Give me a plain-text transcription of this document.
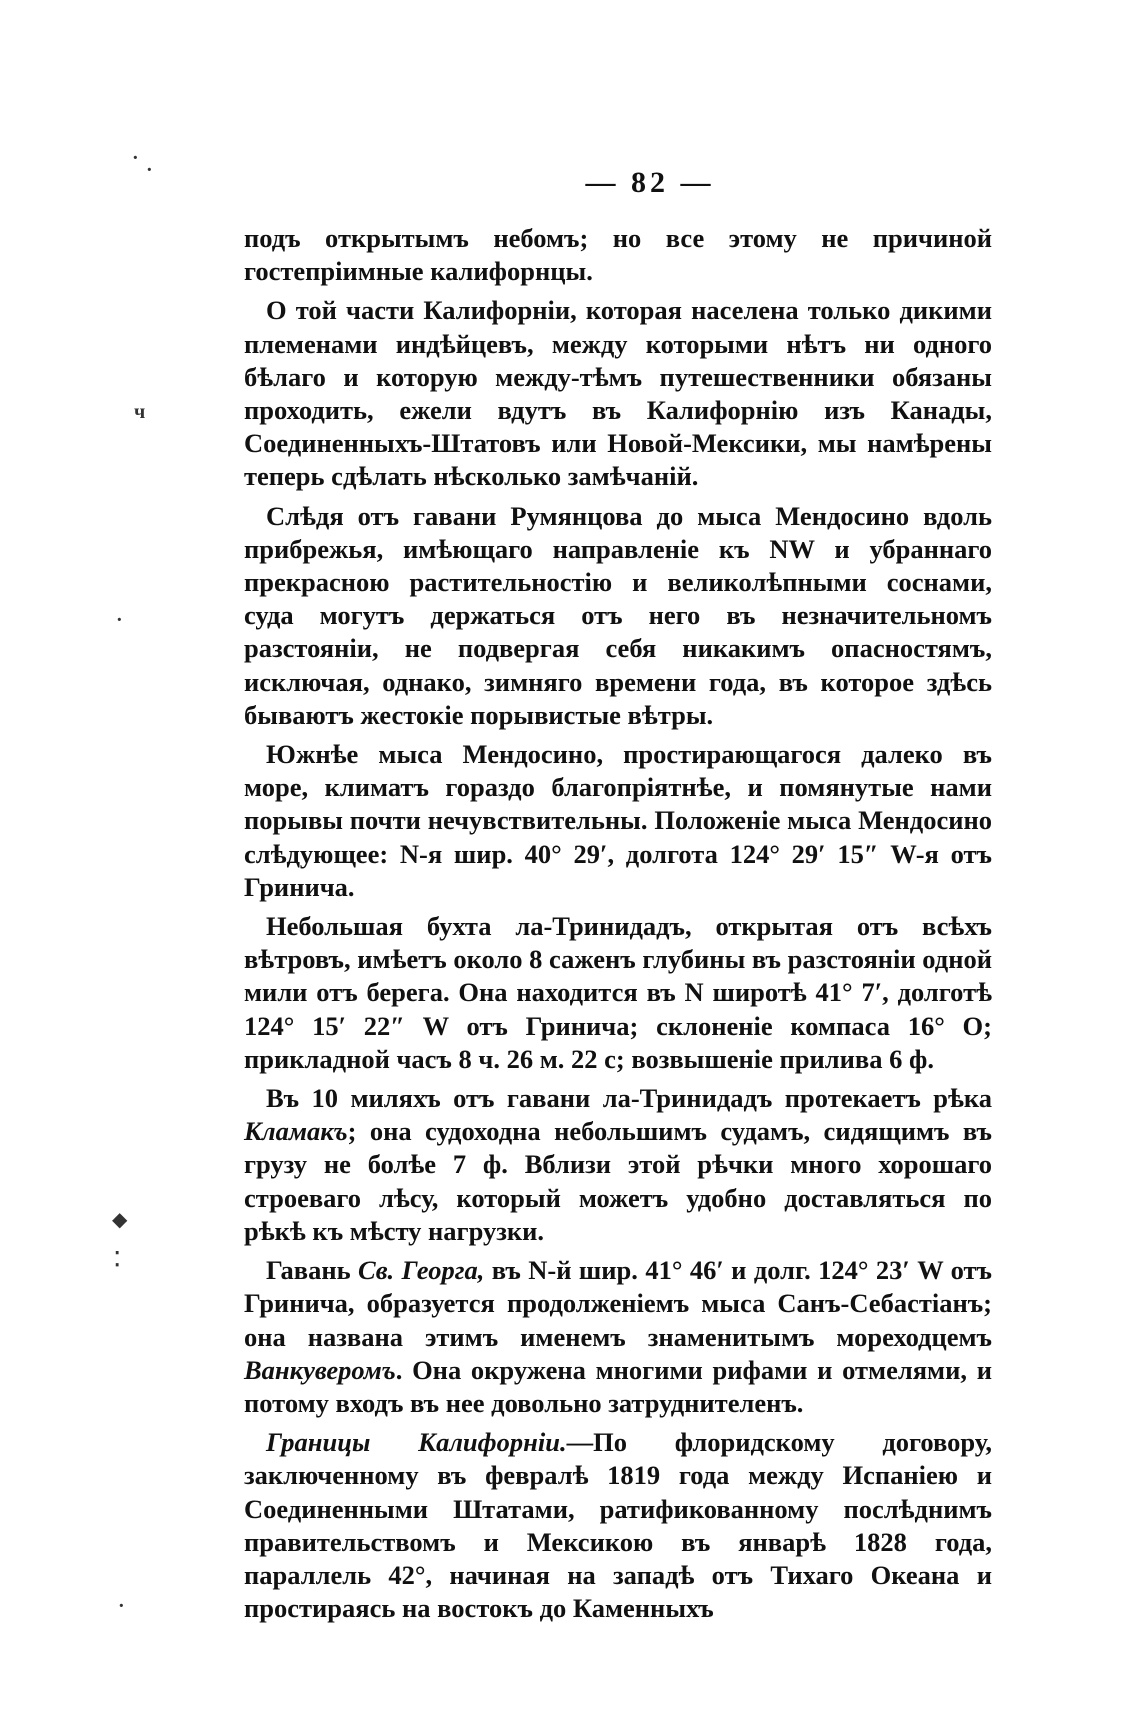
— 82 —

подъ открытымъ небомъ; но все этому не причиной гостепріимные калифорнцы.

О той части Калифорніи, которая населена только дикими племенами индѣйцевъ, между которыми нѣтъ ни одного бѣлаго и которую между-тѣмъ путешественники обязаны проходить, ежели вдутъ въ Калифорнію изъ Канады, Соединенныхъ-Штатовъ или Новой-Мексики, мы намѣрены теперь сдѣлать нѣсколько замѣчаній.

Слѣдя отъ гавани Румянцова до мыса Мендосино вдоль прибрежья, имѣющаго направленіе къ NW и убраннаго прекрасною растительностію и великолѣпными соснами, суда могутъ держаться отъ него въ незначительномъ разстояніи, не подвергая себя никакимъ опасностямъ, исключая, однако, зимняго времени года, въ которое здѣсь бываютъ жестокіе порывистые вѣтры.

Южнѣе мыса Мендосино, простирающагося далеко въ море, климатъ гораздо благопріятнѣе, и помянутые нами порывы почти нечувствительны. Положеніе мыса Мендосино слѣдующее: N-я шир. 40° 29′, долгота 124° 29′ 15″ W-я отъ Гринича.

Небольшая бухта ла-Тринидадъ, открытая отъ всѣхъ вѣтровъ, имѣетъ около 8 саженъ глубины въ разстояніи одной мили отъ берега. Она находится въ N широтѣ 41° 7′, долготѣ 124° 15′ 22″ W отъ Гринича; склоненіе компаса 16° О; прикладной часъ 8 ч. 26 м. 22 с; возвышеніе прилива 6 ф.

Въ 10 миляхъ отъ гавани ла-Тринидадъ протекаетъ рѣка Кламакъ; она судоходна небольшимъ судамъ, сидящимъ въ грузу не болѣе 7 ф. Вблизи этой рѣчки много хорошаго строеваго лѣсу, который можетъ удобно доставляться по рѣкѣ къ мѣсту нагрузки.

Гавань Св. Георга, въ N-й шир. 41° 46′ и долг. 124° 23′ W отъ Гринича, образуется продолженіемъ мыса Санъ-Себастіанъ; она названа этимъ именемъ знаменитымъ мореходцемъ Ванкуверомъ. Она окружена многими рифами и отмелями, и потому входъ въ нее довольно затруднителенъ.

Границы Калифорніи.—По флоридскому договору, заключенному въ февралѣ 1819 года между Испаніею и Соединенными Штатами, ратификованному послѣднимъ правительствомъ и Мексикою въ январѣ 1828 года, параллель 42°, начиная на западѣ отъ Тихаго Океана и простираясь на востокъ до Каменныхъ

·
·
ч
·
◆
⁚
·
